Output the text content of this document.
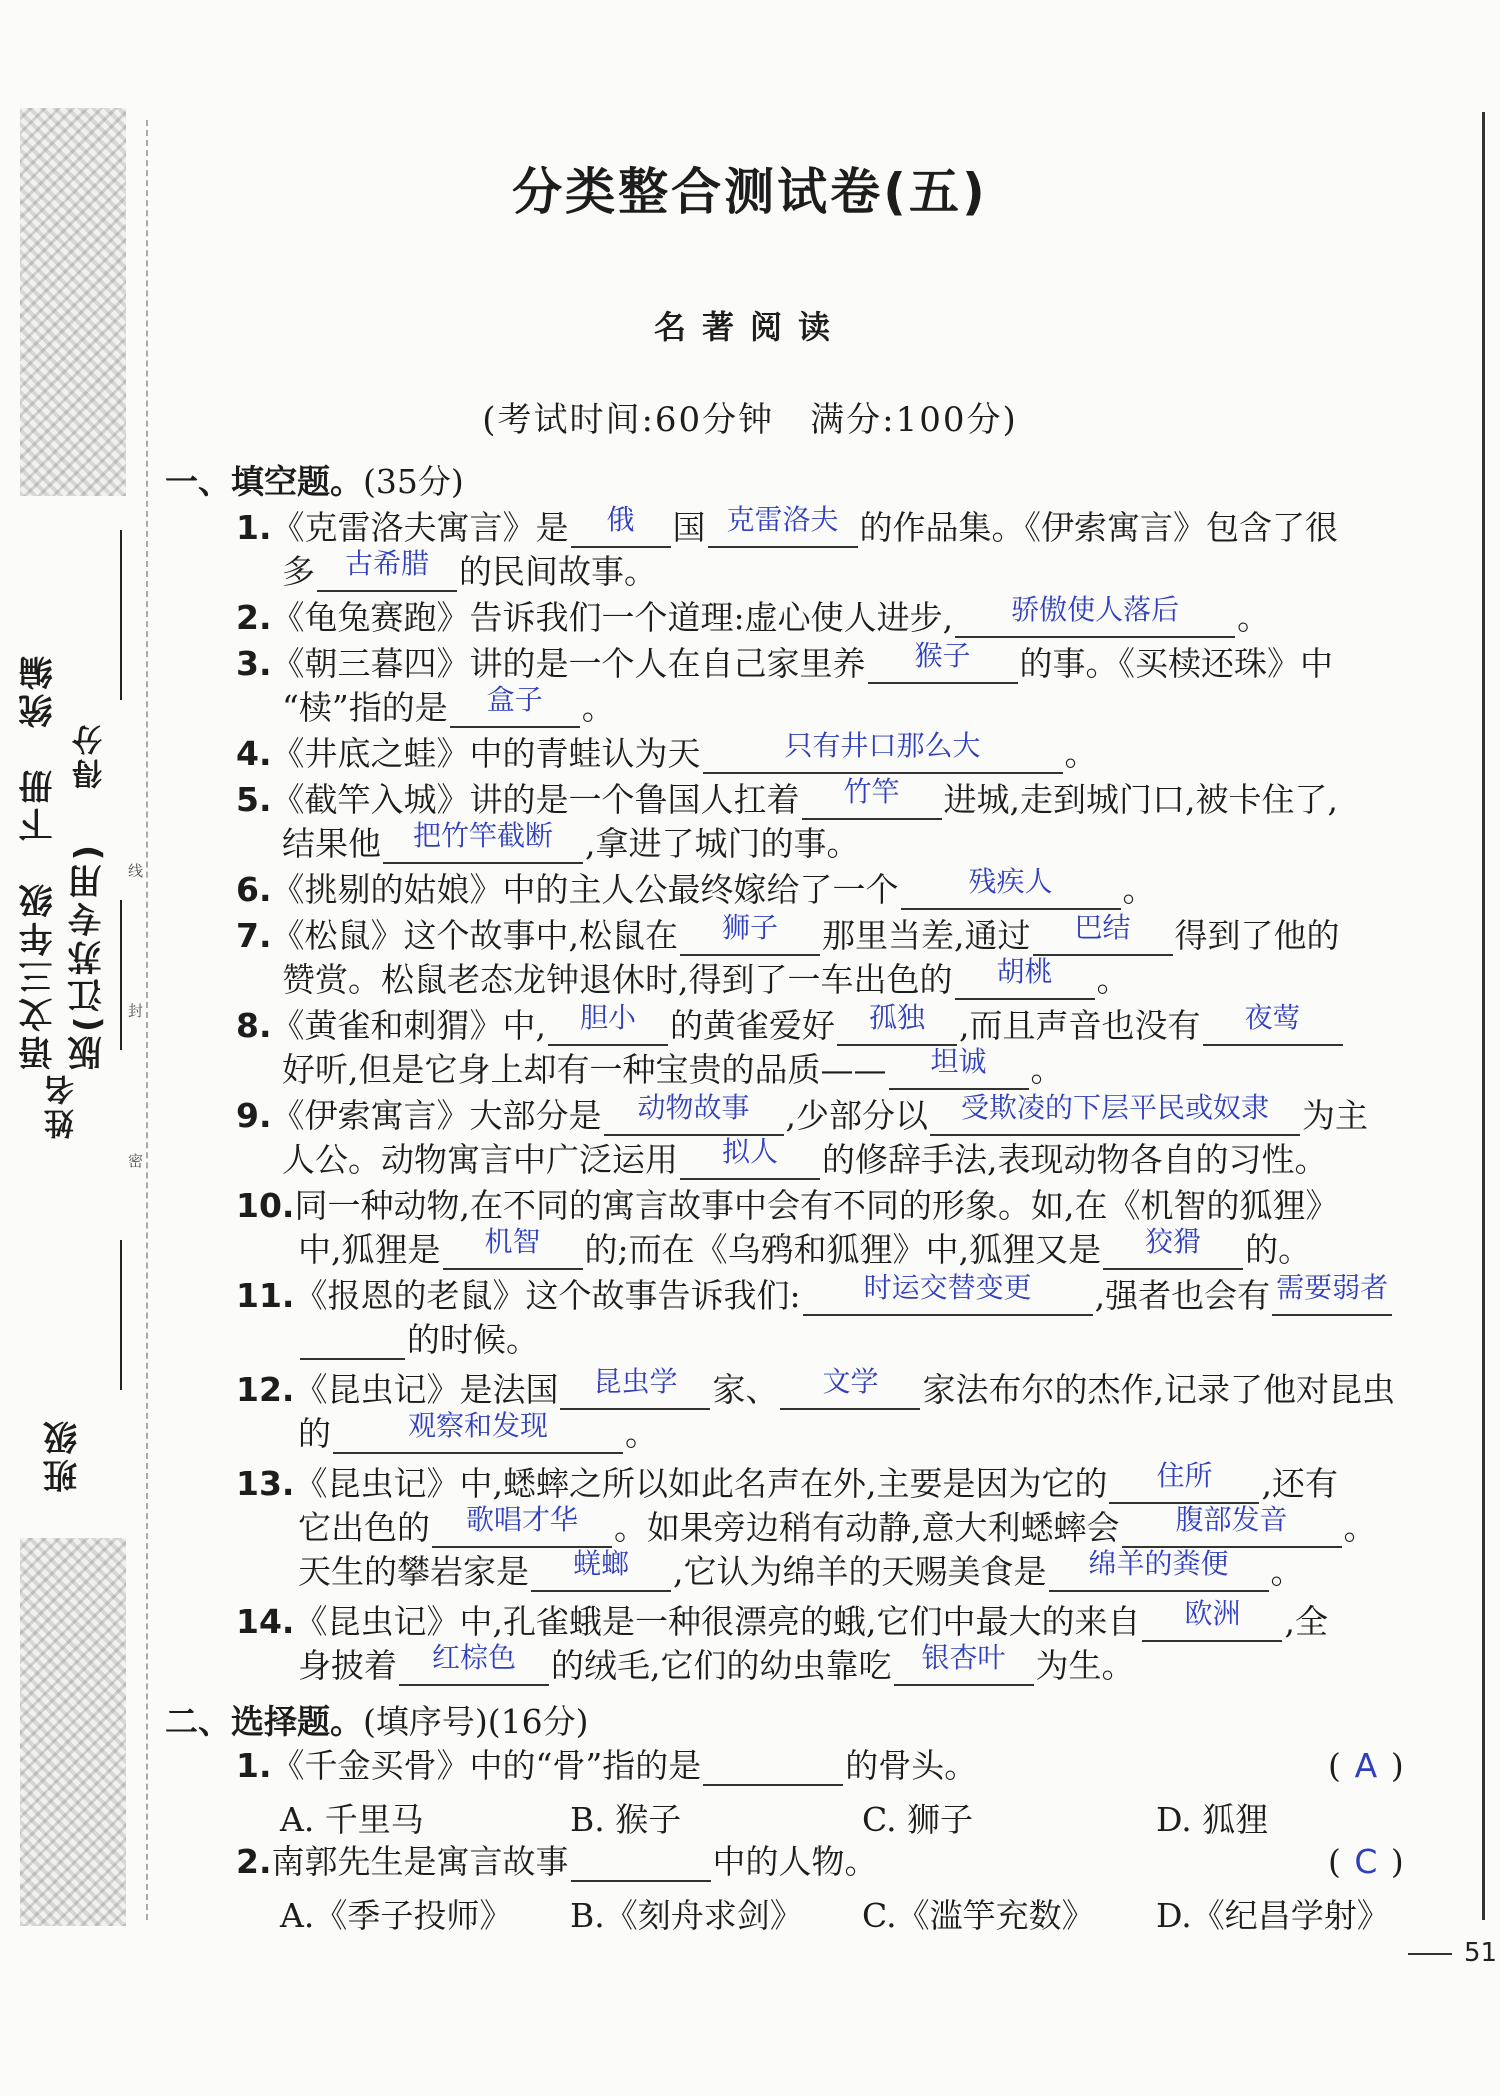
语文三年级　下册　统编版(江苏专用)
班级
姓名
得分
密
封
线
分类整合测试卷(五)
名著阅读
(考试时间:60分钟　满分:100分)
一、填空题。(35分)
1.《克雷洛夫寓言》是	俄	国 克雷洛夫 的作品集。《伊索寓言》包含了很
多	古希腊 的民间故事。
2.《龟兔赛跑》告诉我们一个道理:虚心使人进步,	骄傲使人落后	。
3.《朝三暮四》讲的是一个人在自己家里养	猴子	的事。《买椟还珠》中
“椟”指的是	盒子	。
4.《井底之蛙》中的青蛙认为天	只有井口那么大	。
5.《截竿入城》讲的是一个鲁国人扛着	竹竿	进城,走到城门口,被卡住了,
结果他	把竹竿截断 ,拿进了城门的事。
6.《挑剔的姑娘》中的主人公最终嫁给了一个	残疾人	。
7.《松鼠》这个故事中,松鼠在	狮子	那里当差,通过	巴结	得到了他的
赞赏。松鼠老态龙钟退休时,得到了一车出色的	胡桃	。
8.《黄雀和刺猬》中,	胆小	的黄雀爱好	孤独	,而且声音也没有	夜莺
好听,但是它身上却有一种宝贵的品质——	坦诚	。
9.《伊索寓言》大部分是	动物故事	,少部分以	受欺凌的下层平民或奴隶	为主
人公。动物寓言中广泛运用	拟人	的修辞手法,表现动物各自的习性。
10.同一种动物,在不同的寓言故事中会有不同的形象。如,在《机智的狐狸》
中,狐狸是	机智	的;而在《乌鸦和狐狸》中,狐狸又是	狡猾	的。
11.《报恩的老鼠》这个故事告诉我们:	时运交替变更	,强者也会有 需要弱者
的时候。
12.《昆虫记》是法国	昆虫学	家、	文学	家法布尔的杰作,记录了他对昆虫
的	观察和发现	。
13.《昆虫记》中,蟋蟀之所以如此名声在外,主要是因为它的	住所	,还有
它出色的	歌唱才华	。如果旁边稍有动静,意大利蟋蟀会	腹部发音	。
天生的攀岩家是	蜣螂	,它认为绵羊的天赐美食是	绵羊的粪便	。
14.《昆虫记》中,孔雀蛾是一种很漂亮的蛾,它们中最大的来自	欧洲	,全
身披着	红棕色	的绒毛,它们的幼虫靠吃	银杏叶 为生。
二、选择题。(填序号)(16分)
1.《千金买骨》中的“骨”指的是	的骨头。	( A )
A. 千里马	B. 猴子	C. 狮子	D. 狐狸
2.南郭先生是寓言故事	中的人物。	( C )
A.《季子投师》 B.《刻舟求剑》 C.《滥竽充数》 D.《纪昌学射》
51
